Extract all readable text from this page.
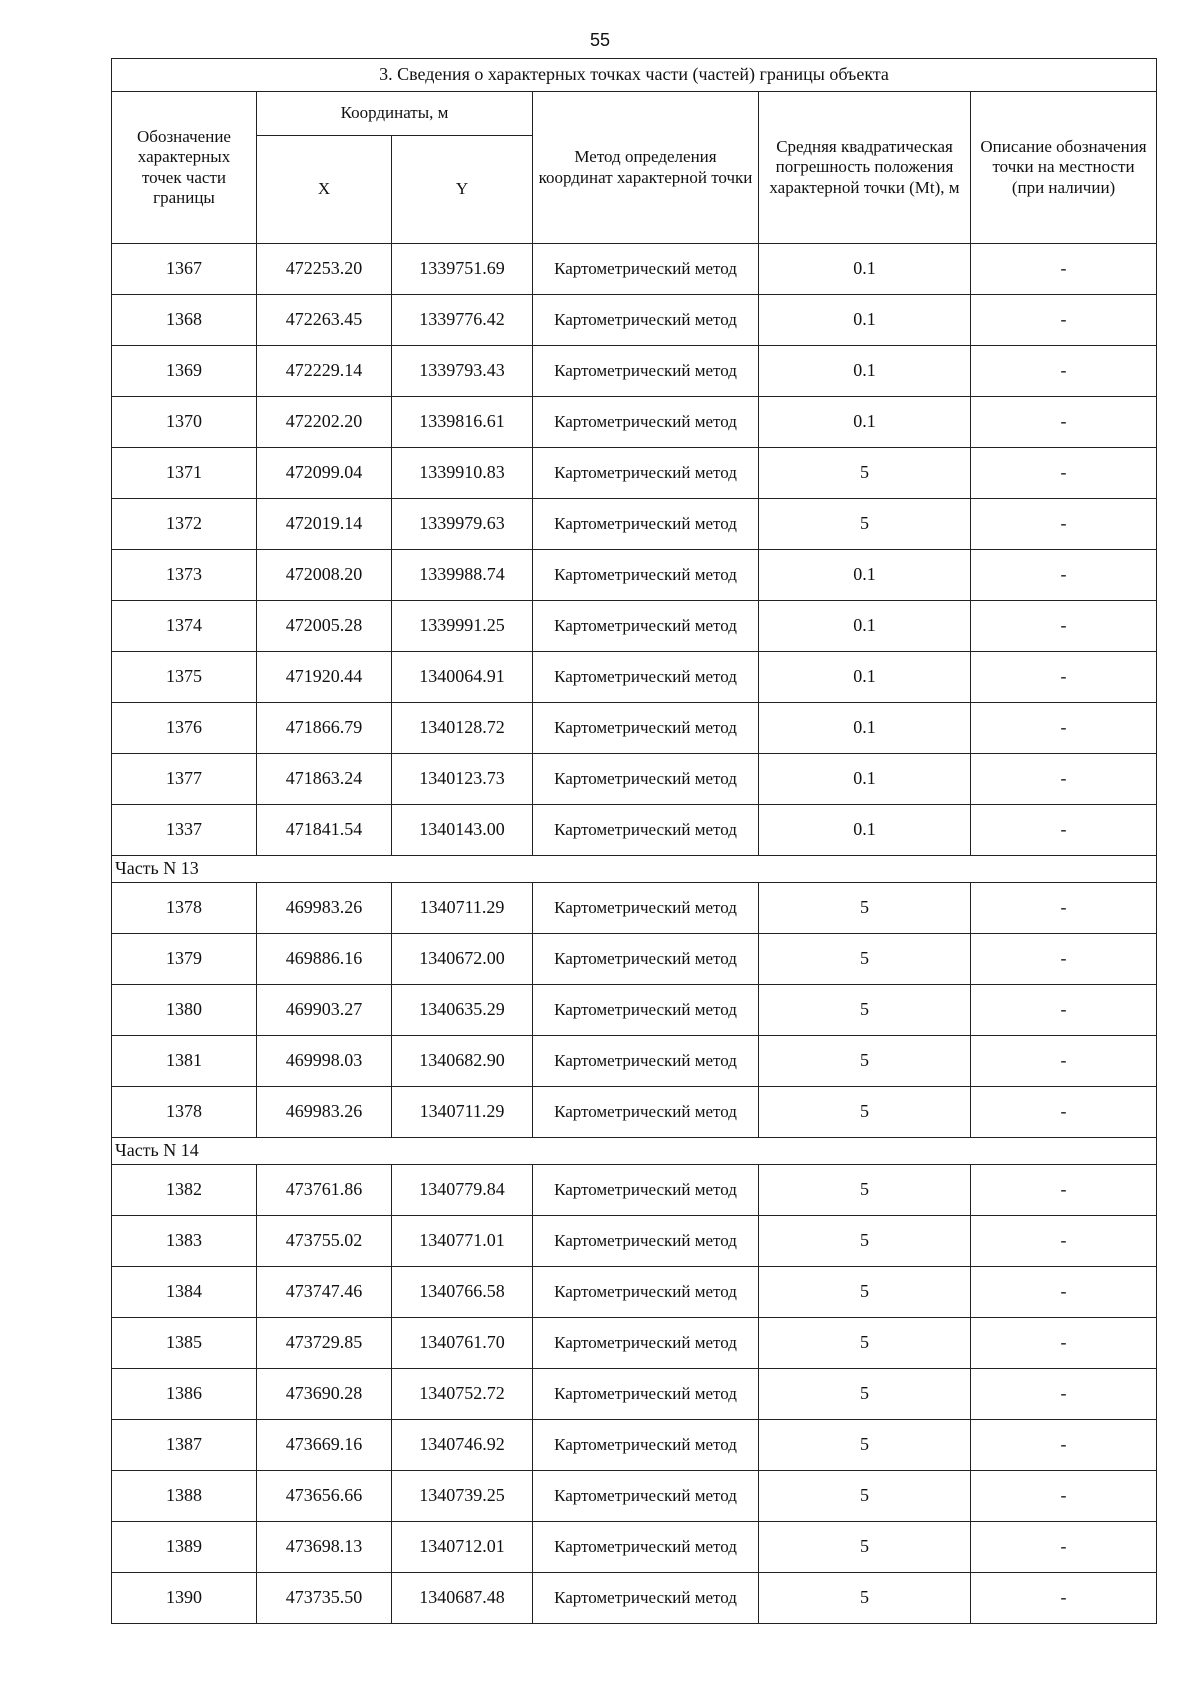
55
3. Сведения о характерных точках части (частей) границы объекта					
Обозначение характерных точек части границы	Координаты, м		Метод определения координат характерной точки	Средняя квадратическая погрешность положения характерной точки (Mt), м	Описание обозначения точки на местности (при наличии)
	X	Y			
1367	472253.20	1339751.69	Картометрический метод	0.1	-
1368	472263.45	1339776.42	Картометрический метод	0.1	-
1369	472229.14	1339793.43	Картометрический метод	0.1	-
1370	472202.20	1339816.61	Картометрический метод	0.1	-
1371	472099.04	1339910.83	Картометрический метод	5	-
1372	472019.14	1339979.63	Картометрический метод	5	-
1373	472008.20	1339988.74	Картометрический метод	0.1	-
1374	472005.28	1339991.25	Картометрический метод	0.1	-
1375	471920.44	1340064.91	Картометрический метод	0.1	-
1376	471866.79	1340128.72	Картометрический метод	0.1	-
1377	471863.24	1340123.73	Картометрический метод	0.1	-
1337	471841.54	1340143.00	Картометрический метод	0.1	-
Часть N 13					
1378	469983.26	1340711.29	Картометрический метод	5	-
1379	469886.16	1340672.00	Картометрический метод	5	-
1380	469903.27	1340635.29	Картометрический метод	5	-
1381	469998.03	1340682.90	Картометрический метод	5	-
1378	469983.26	1340711.29	Картометрический метод	5	-
Часть N 14					
1382	473761.86	1340779.84	Картометрический метод	5	-
1383	473755.02	1340771.01	Картометрический метод	5	-
1384	473747.46	1340766.58	Картометрический метод	5	-
1385	473729.85	1340761.70	Картометрический метод	5	-
1386	473690.28	1340752.72	Картометрический метод	5	-
1387	473669.16	1340746.92	Картометрический метод	5	-
1388	473656.66	1340739.25	Картометрический метод	5	-
1389	473698.13	1340712.01	Картометрический метод	5	-
1390	473735.50	1340687.48	Картометрический метод	5	-
